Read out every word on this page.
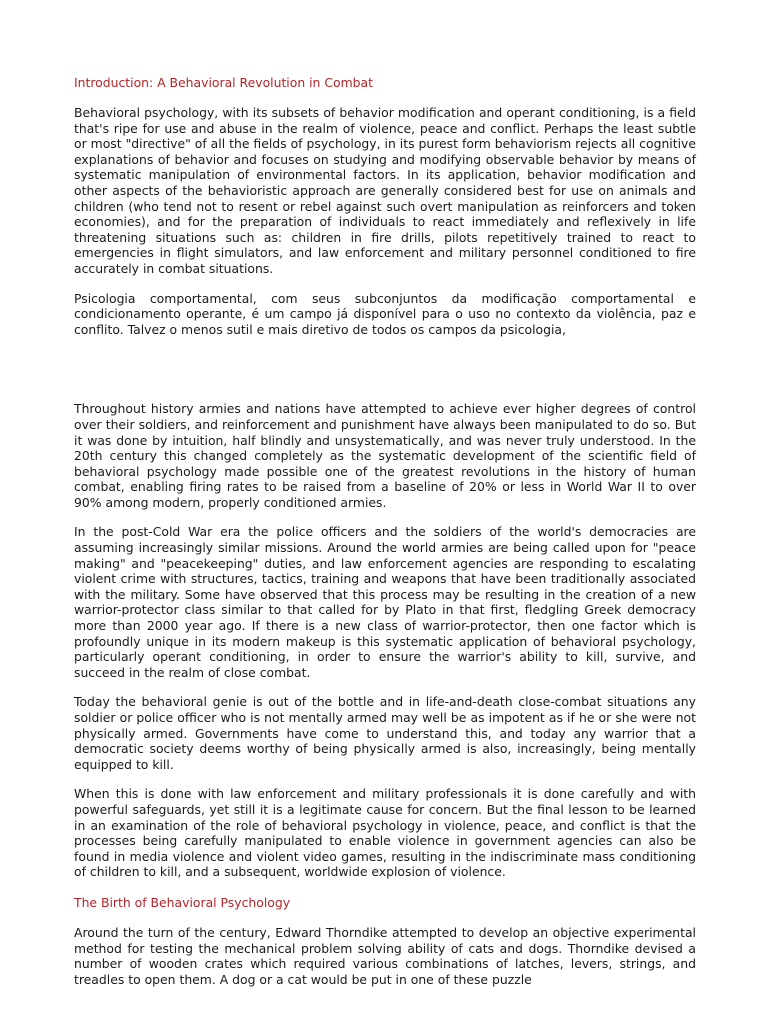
Introduction: A Behavioral Revolution in Combat

Behavioral psychology, with its subsets of behavior modification and operant conditioning, is a field that's ripe for use and abuse in the realm of violence, peace and conflict. Perhaps the least subtle or most "directive" of all the fields of psychology, in its purest form behaviorism rejects all cognitive explanations of behavior and focuses on studying and modifying observable behavior by means of systematic manipulation of environmental factors. In its application, behavior modification and other aspects of the behavioristic approach are generally considered best for use on animals and children (who tend not to resent or rebel against such overt manipulation as reinforcers and token economies), and for the preparation of individuals to react immediately and reflexively in life threatening situations such as: children in fire drills, pilots repetitively trained to react to emergencies in flight simulators, and law enforcement and military personnel conditioned to fire accurately in combat situations.

Psicologia comportamental, com seus subconjuntos da modificação comportamental e condicionamento operante, é um campo já disponível para o uso no contexto da violência, paz e conflito. Talvez o menos sutil e mais diretivo de todos os campos da psicologia,

Throughout history armies and nations have attempted to achieve ever higher degrees of control over their soldiers, and reinforcement and punishment have always been manipulated to do so. But it was done by intuition, half blindly and unsystematically, and was never truly understood. In the 20th century this changed completely as the systematic development of the scientific field of behavioral psychology made possible one of the greatest revolutions in the history of human combat, enabling firing rates to be raised from a baseline of 20% or less in World War II to over 90% among modern, properly conditioned armies.

In the post-Cold War era the police officers and the soldiers of the world's democracies are assuming increasingly similar missions. Around the world armies are being called upon for "peace making" and "peacekeeping" duties, and law enforcement agencies are responding to escalating violent crime with structures, tactics, training and weapons that have been traditionally associated with the military. Some have observed that this process may be resulting in the creation of a new warrior-protector class similar to that called for by Plato in that first, fledgling Greek democracy more than 2000 year ago. If there is a new class of warrior-protector, then one factor which is profoundly unique in its modern makeup is this systematic application of behavioral psychology, particularly operant conditioning, in order to ensure the warrior's ability to kill, survive, and succeed in the realm of close combat.

Today the behavioral genie is out of the bottle and in life-and-death close-combat situations any soldier or police officer who is not mentally armed may well be as impotent as if he or she were not physically armed. Governments have come to understand this, and today any warrior that a democratic society deems worthy of being physically armed is also, increasingly, being mentally equipped to kill.

When this is done with law enforcement and military professionals it is done carefully and with powerful safeguards, yet still it is a legitimate cause for concern. But the final lesson to be learned in an examination of the role of behavioral psychology in violence, peace, and conflict is that the processes being carefully manipulated to enable violence in government agencies can also be found in media violence and violent video games, resulting in the indiscriminate mass conditioning of children to kill, and a subsequent, worldwide explosion of violence.

The Birth of Behavioral Psychology

Around the turn of the century, Edward Thorndike attempted to develop an objective experimental method for testing the mechanical problem solving ability of cats and dogs. Thorndike devised a number of wooden crates which required various combinations of latches, levers, strings, and treadles to open them. A dog or a cat would be put in one of these puzzle
